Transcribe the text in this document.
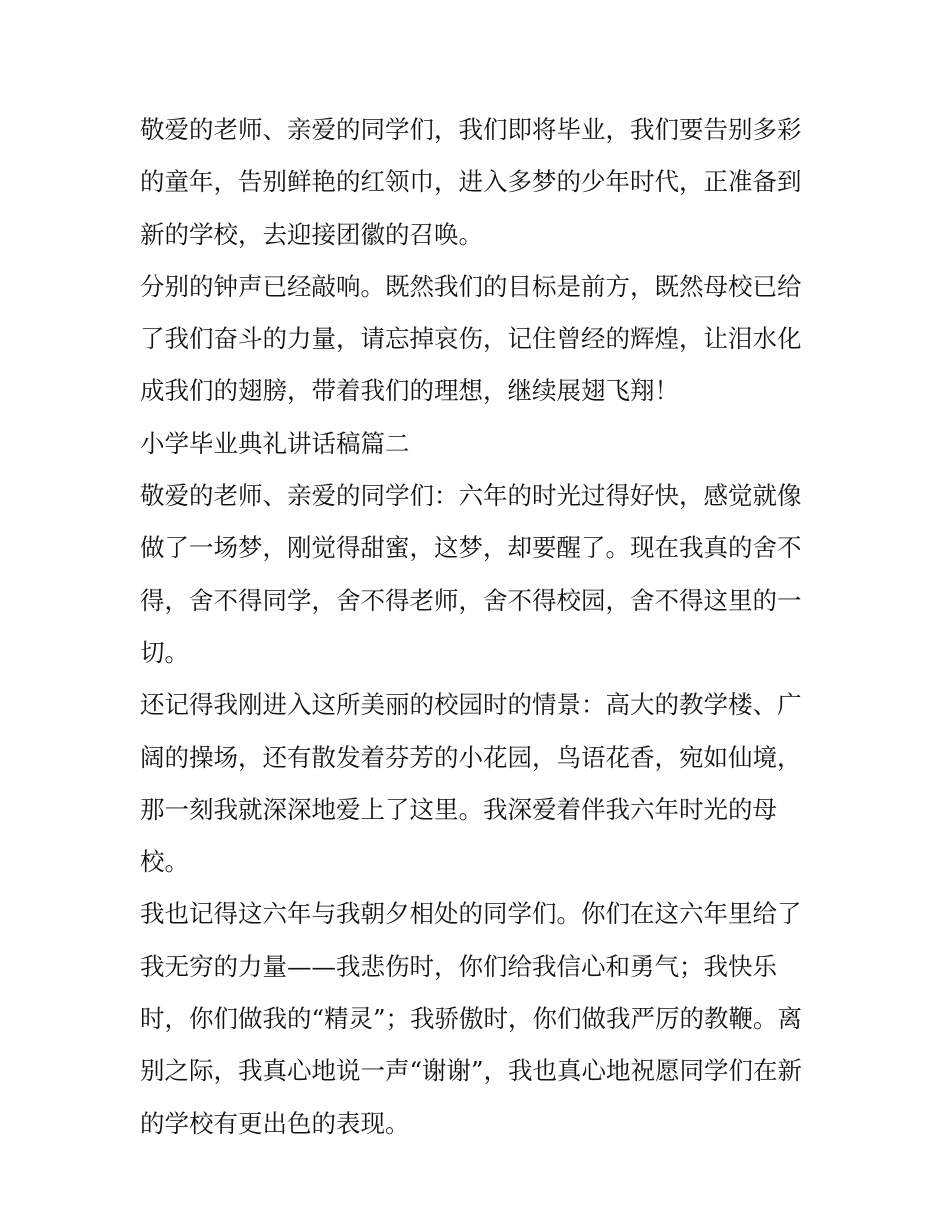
敬爱的老师、亲爱的同学们，我们即将毕业，我们要告别多彩
的童年，告别鲜艳的红领巾，进入多梦的少年时代，正准备到
新的学校，去迎接团徽的召唤。

分别的钟声已经敲响。既然我们的目标是前方，既然母校已给
了我们奋斗的力量，请忘掉哀伤，记住曾经的辉煌，让泪水化
成我们的翅膀，带着我们的理想，继续展翅飞翔！

小学毕业典礼讲话稿篇二

敬爱的老师、亲爱的同学们：六年的时光过得好快，感觉就像
做了一场梦，刚觉得甜蜜，这梦，却要醒了。现在我真的舍不
得，舍不得同学，舍不得老师，舍不得校园，舍不得这里的一
切。

还记得我刚进入这所美丽的校园时的情景：高大的教学楼、广
阔的操场，还有散发着芬芳的小花园，鸟语花香，宛如仙境，
那一刻我就深深地爱上了这里。我深爱着伴我六年时光的母
校。

我也记得这六年与我朝夕相处的同学们。你们在这六年里给了
我无穷的力量——我悲伤时，你们给我信心和勇气；我快乐
时，你们做我的“精灵”；我骄傲时，你们做我严厉的教鞭。离
别之际，我真心地说一声“谢谢”，我也真心地祝愿同学们在新
的学校有更出色的表现。
